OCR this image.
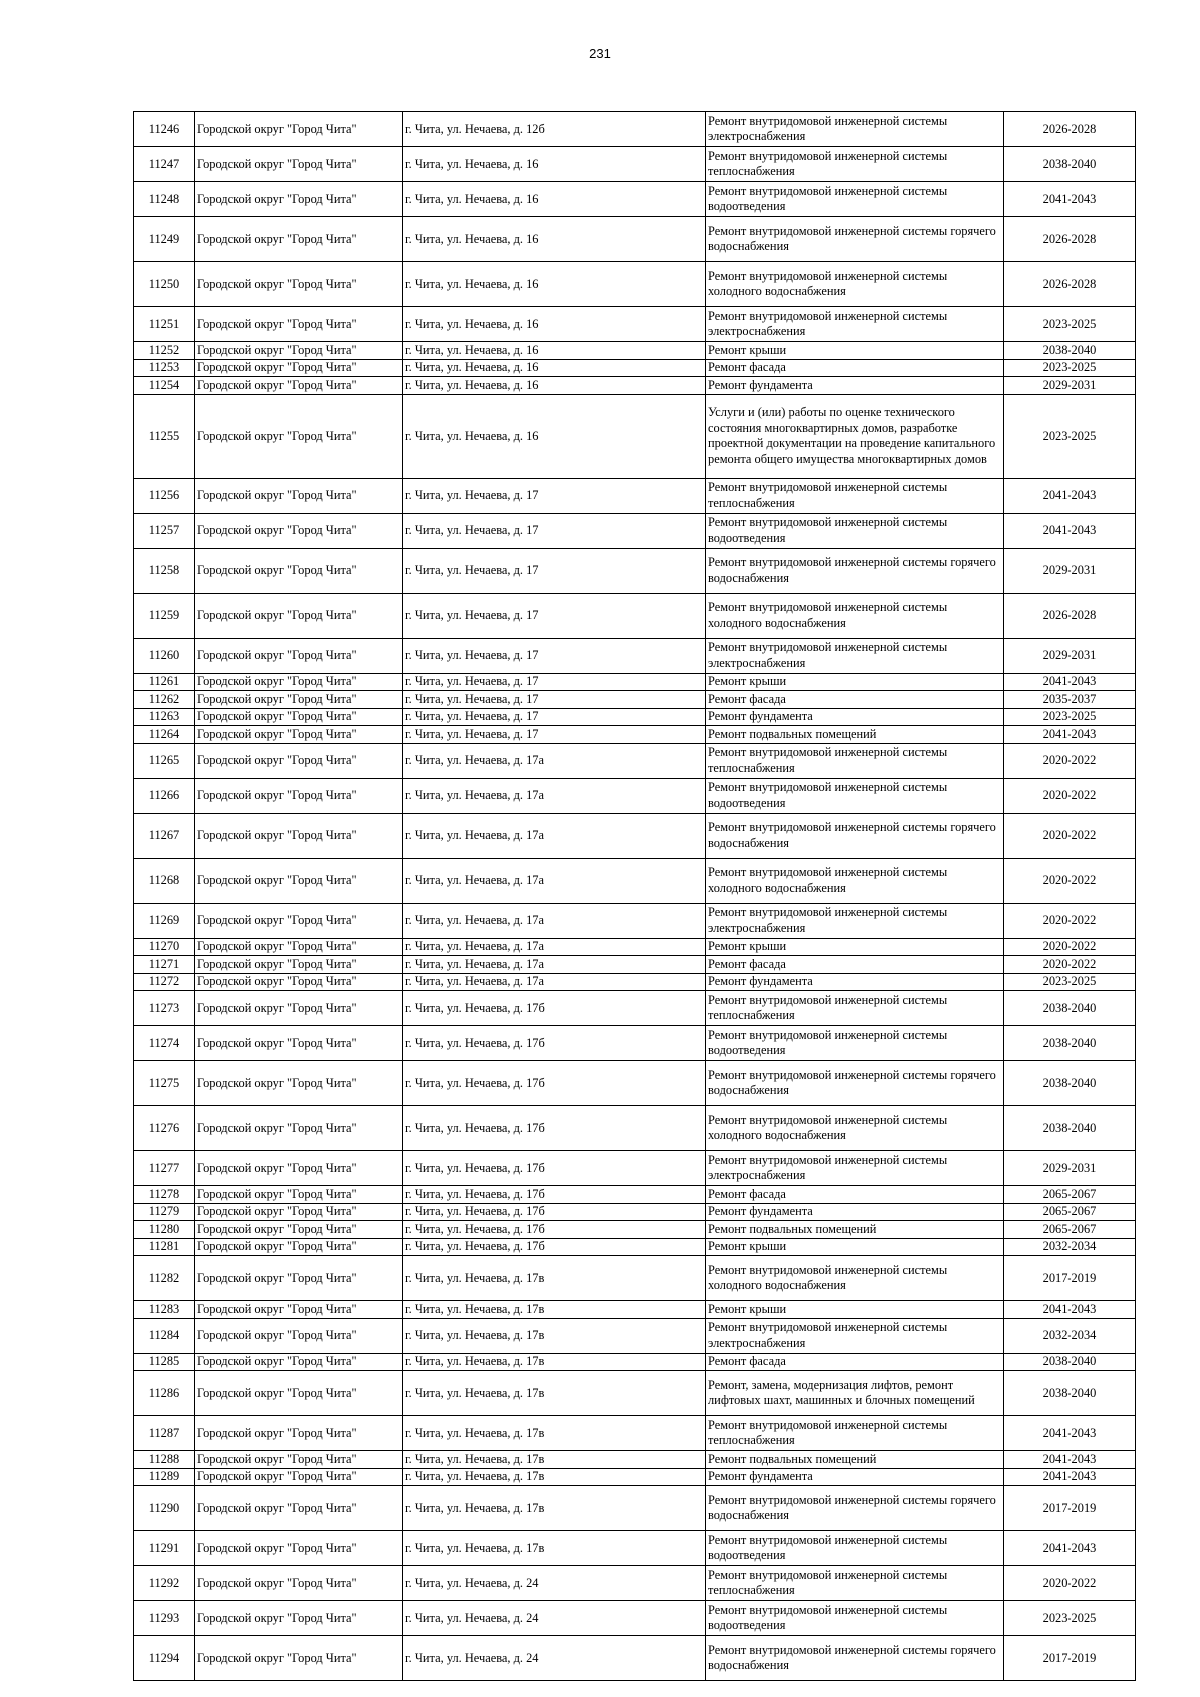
231
11246	Городской округ "Город Чита"	г. Чита, ул. Нечаева, д. 12б	Ремонт внутридомовой инженерной системы электроснабжения	2026-2028
11247	Городской округ "Город Чита"	г. Чита, ул. Нечаева, д. 16	Ремонт внутридомовой инженерной системы теплоснабжения	2038-2040
11248	Городской округ "Город Чита"	г. Чита, ул. Нечаева, д. 16	Ремонт внутридомовой инженерной системы водоотведения	2041-2043
11249	Городской округ "Город Чита"	г. Чита, ул. Нечаева, д. 16	Ремонт внутридомовой инженерной системы горячего водоснабжения	2026-2028
11250	Городской округ "Город Чита"	г. Чита, ул. Нечаева, д. 16	Ремонт внутридомовой инженерной системы холодного водоснабжения	2026-2028
11251	Городской округ "Город Чита"	г. Чита, ул. Нечаева, д. 16	Ремонт внутридомовой инженерной системы электроснабжения	2023-2025
11252	Городской округ "Город Чита"	г. Чита, ул. Нечаева, д. 16	Ремонт крыши	2038-2040
11253	Городской округ "Город Чита"	г. Чита, ул. Нечаева, д. 16	Ремонт фасада	2023-2025
11254	Городской округ "Город Чита"	г. Чита, ул. Нечаева, д. 16	Ремонт фундамента	2029-2031
11255	Городской округ "Город Чита"	г. Чита, ул. Нечаева, д. 16	Услуги и (или) работы по оценке технического состояния многоквартирных домов, разработке проектной документации на проведение капитального ремонта общего имущества многоквартирных домов	2023-2025
11256	Городской округ "Город Чита"	г. Чита, ул. Нечаева, д. 17	Ремонт внутридомовой инженерной системы теплоснабжения	2041-2043
11257	Городской округ "Город Чита"	г. Чита, ул. Нечаева, д. 17	Ремонт внутридомовой инженерной системы водоотведения	2041-2043
11258	Городской округ "Город Чита"	г. Чита, ул. Нечаева, д. 17	Ремонт внутридомовой инженерной системы горячего водоснабжения	2029-2031
11259	Городской округ "Город Чита"	г. Чита, ул. Нечаева, д. 17	Ремонт внутридомовой инженерной системы холодного водоснабжения	2026-2028
11260	Городской округ "Город Чита"	г. Чита, ул. Нечаева, д. 17	Ремонт внутридомовой инженерной системы электроснабжения	2029-2031
11261	Городской округ "Город Чита"	г. Чита, ул. Нечаева, д. 17	Ремонт крыши	2041-2043
11262	Городской округ "Город Чита"	г. Чита, ул. Нечаева, д. 17	Ремонт фасада	2035-2037
11263	Городской округ "Город Чита"	г. Чита, ул. Нечаева, д. 17	Ремонт фундамента	2023-2025
11264	Городской округ "Город Чита"	г. Чита, ул. Нечаева, д. 17	Ремонт подвальных помещений	2041-2043
11265	Городской округ "Город Чита"	г. Чита, ул. Нечаева, д. 17а	Ремонт внутридомовой инженерной системы теплоснабжения	2020-2022
11266	Городской округ "Город Чита"	г. Чита, ул. Нечаева, д. 17а	Ремонт внутридомовой инженерной системы водоотведения	2020-2022
11267	Городской округ "Город Чита"	г. Чита, ул. Нечаева, д. 17а	Ремонт внутридомовой инженерной системы горячего водоснабжения	2020-2022
11268	Городской округ "Город Чита"	г. Чита, ул. Нечаева, д. 17а	Ремонт внутридомовой инженерной системы холодного водоснабжения	2020-2022
11269	Городской округ "Город Чита"	г. Чита, ул. Нечаева, д. 17а	Ремонт внутридомовой инженерной системы электроснабжения	2020-2022
11270	Городской округ "Город Чита"	г. Чита, ул. Нечаева, д. 17а	Ремонт крыши	2020-2022
11271	Городской округ "Город Чита"	г. Чита, ул. Нечаева, д. 17а	Ремонт фасада	2020-2022
11272	Городской округ "Город Чита"	г. Чита, ул. Нечаева, д. 17а	Ремонт фундамента	2023-2025
11273	Городской округ "Город Чита"	г. Чита, ул. Нечаева, д. 17б	Ремонт внутридомовой инженерной системы теплоснабжения	2038-2040
11274	Городской округ "Город Чита"	г. Чита, ул. Нечаева, д. 17б	Ремонт внутридомовой инженерной системы водоотведения	2038-2040
11275	Городской округ "Город Чита"	г. Чита, ул. Нечаева, д. 17б	Ремонт внутридомовой инженерной системы горячего водоснабжения	2038-2040
11276	Городской округ "Город Чита"	г. Чита, ул. Нечаева, д. 17б	Ремонт внутридомовой инженерной системы холодного водоснабжения	2038-2040
11277	Городской округ "Город Чита"	г. Чита, ул. Нечаева, д. 17б	Ремонт внутридомовой инженерной системы электроснабжения	2029-2031
11278	Городской округ "Город Чита"	г. Чита, ул. Нечаева, д. 17б	Ремонт фасада	2065-2067
11279	Городской округ "Город Чита"	г. Чита, ул. Нечаева, д. 17б	Ремонт фундамента	2065-2067
11280	Городской округ "Город Чита"	г. Чита, ул. Нечаева, д. 17б	Ремонт подвальных помещений	2065-2067
11281	Городской округ "Город Чита"	г. Чита, ул. Нечаева, д. 17б	Ремонт крыши	2032-2034
11282	Городской округ "Город Чита"	г. Чита, ул. Нечаева, д. 17в	Ремонт внутридомовой инженерной системы холодного водоснабжения	2017-2019
11283	Городской округ "Город Чита"	г. Чита, ул. Нечаева, д. 17в	Ремонт крыши	2041-2043
11284	Городской округ "Город Чита"	г. Чита, ул. Нечаева, д. 17в	Ремонт внутридомовой инженерной системы электроснабжения	2032-2034
11285	Городской округ "Город Чита"	г. Чита, ул. Нечаева, д. 17в	Ремонт фасада	2038-2040
11286	Городской округ "Город Чита"	г. Чита, ул. Нечаева, д. 17в	Ремонт, замена, модернизация лифтов, ремонт лифтовых шахт, машинных и блочных помещений	2038-2040
11287	Городской округ "Город Чита"	г. Чита, ул. Нечаева, д. 17в	Ремонт внутридомовой инженерной системы теплоснабжения	2041-2043
11288	Городской округ "Город Чита"	г. Чита, ул. Нечаева, д. 17в	Ремонт подвальных помещений	2041-2043
11289	Городской округ "Город Чита"	г. Чита, ул. Нечаева, д. 17в	Ремонт фундамента	2041-2043
11290	Городской округ "Город Чита"	г. Чита, ул. Нечаева, д. 17в	Ремонт внутридомовой инженерной системы горячего водоснабжения	2017-2019
11291	Городской округ "Город Чита"	г. Чита, ул. Нечаева, д. 17в	Ремонт внутридомовой инженерной системы водоотведения	2041-2043
11292	Городской округ "Город Чита"	г. Чита, ул. Нечаева, д. 24	Ремонт внутридомовой инженерной системы теплоснабжения	2020-2022
11293	Городской округ "Город Чита"	г. Чита, ул. Нечаева, д. 24	Ремонт внутридомовой инженерной системы водоотведения	2023-2025
11294	Городской округ "Город Чита"	г. Чита, ул. Нечаева, д. 24	Ремонт внутридомовой инженерной системы горячего водоснабжения	2017-2019
